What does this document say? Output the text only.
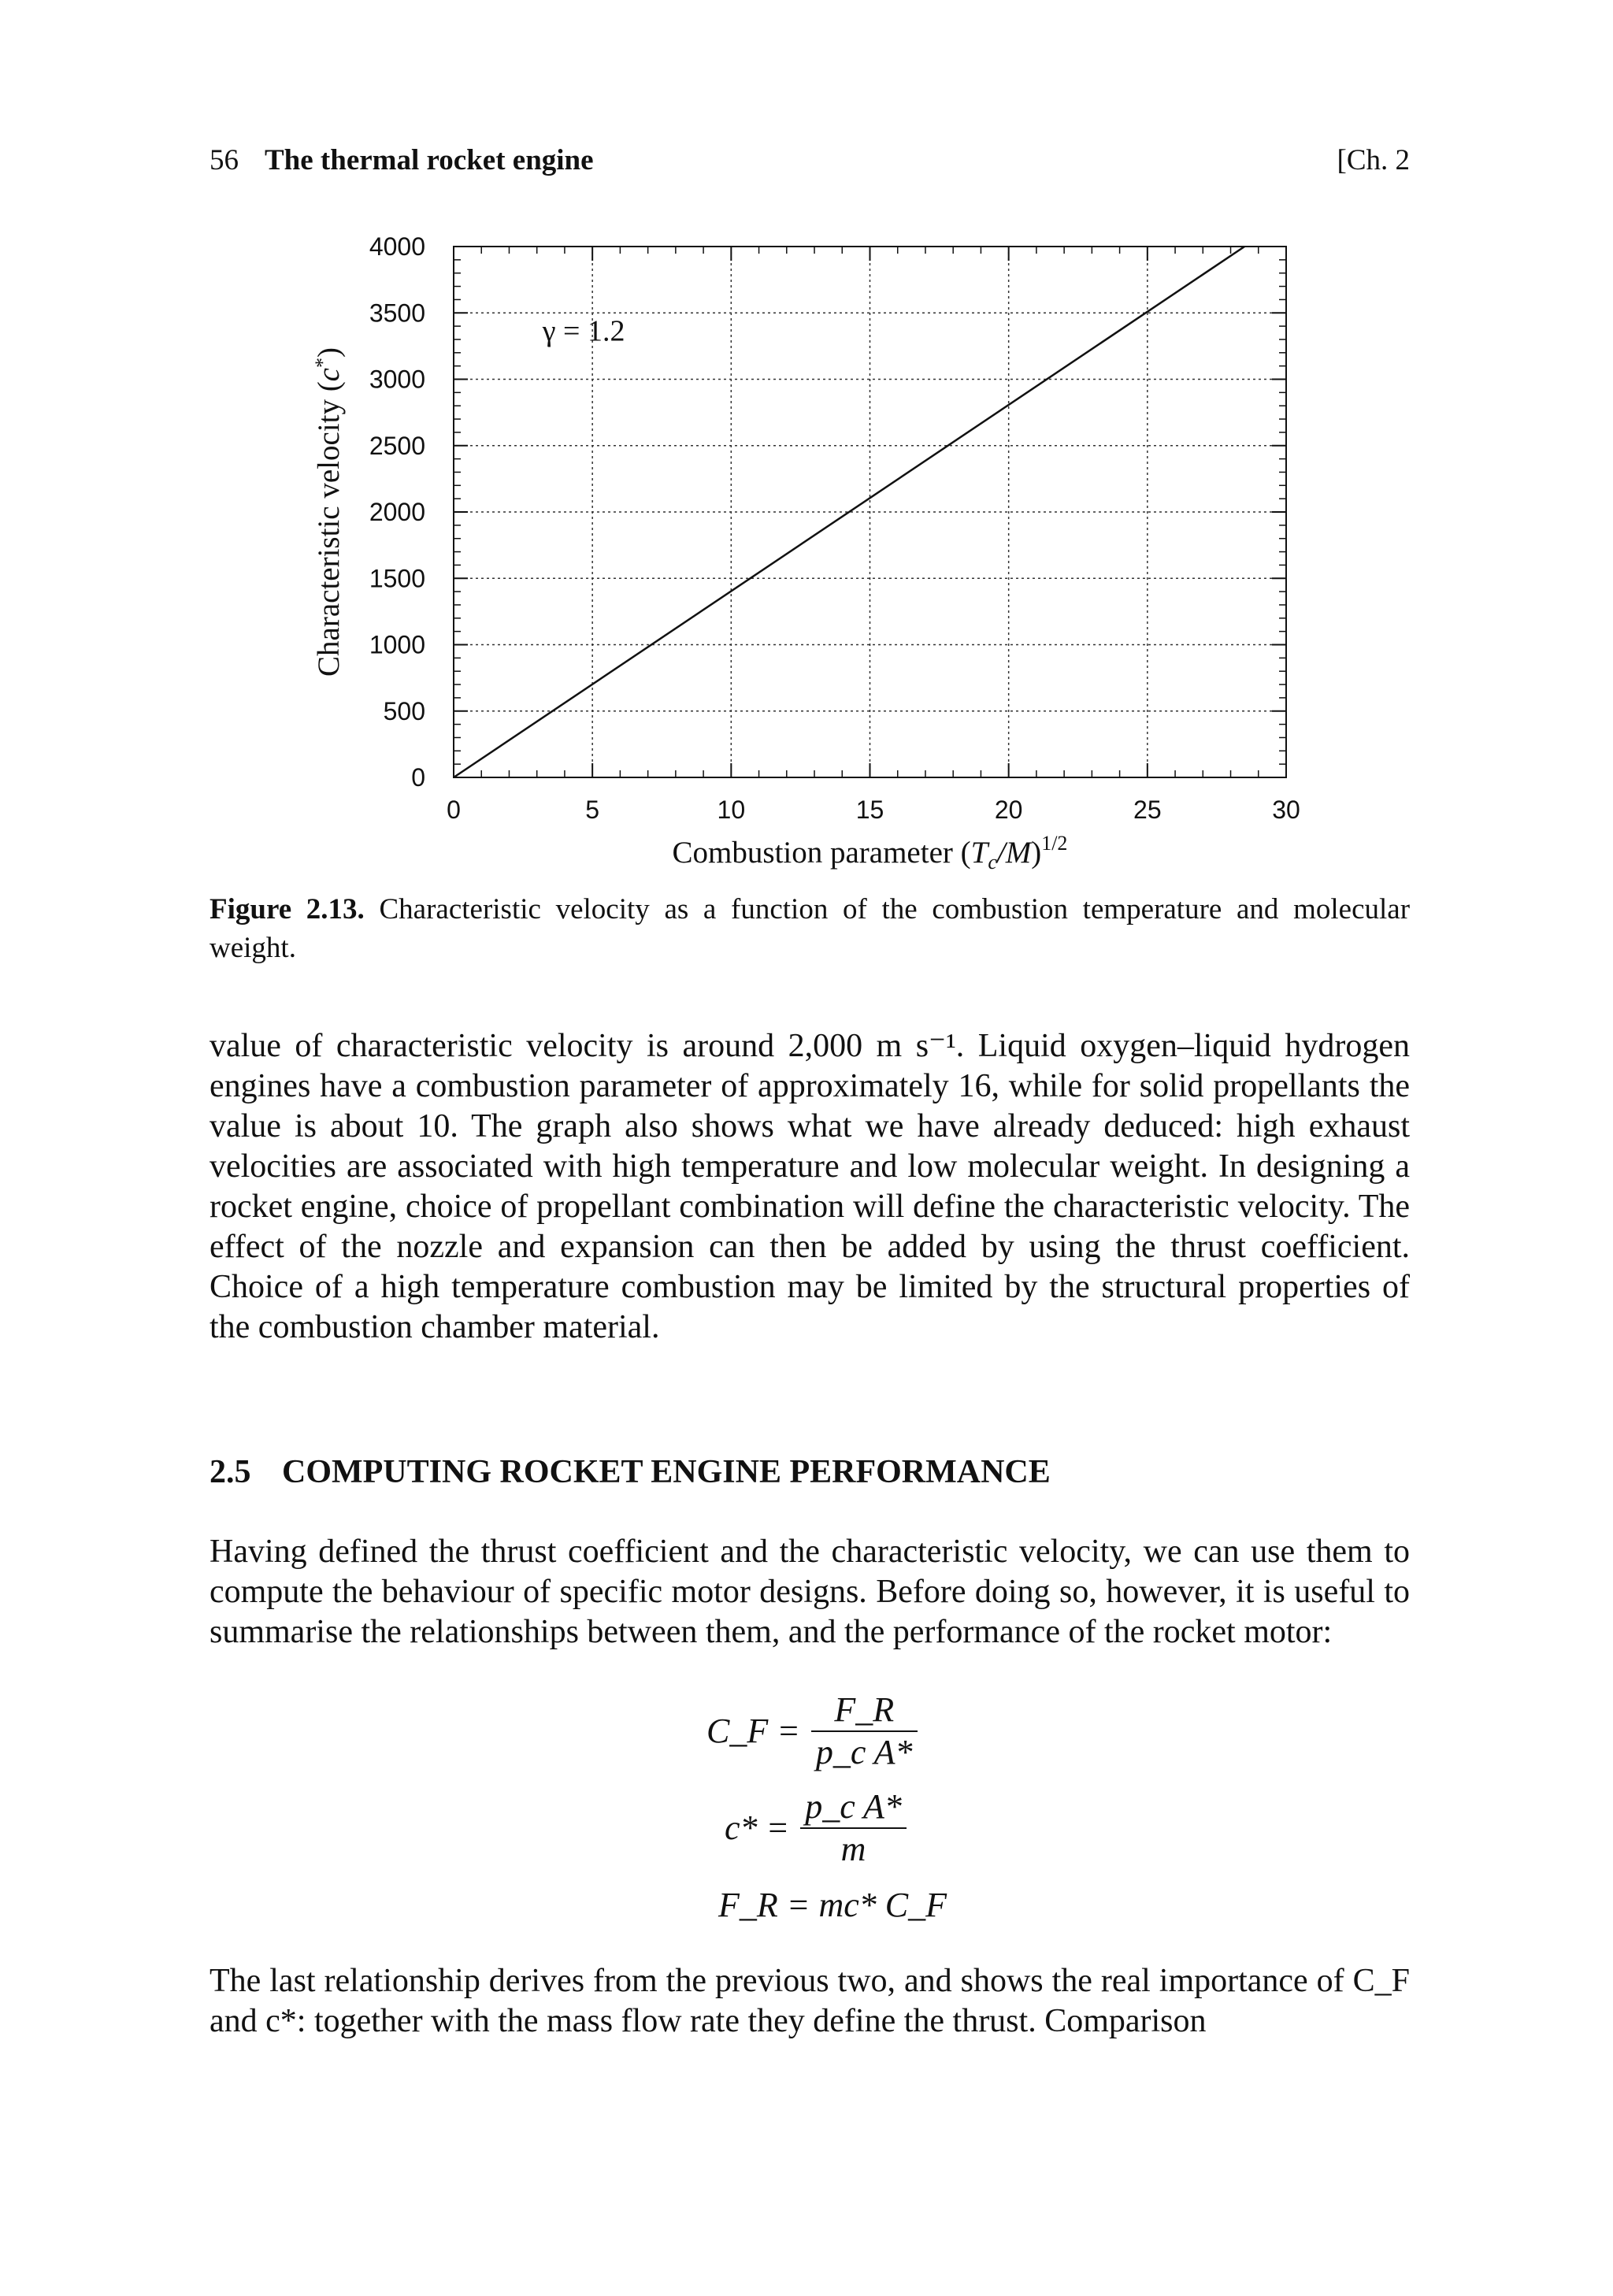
56 The thermal rocket engine	[Ch. 2
0	5	10	15	20	25	30
0
500
1000
1500
2000
2500
3000
3500
4000
γ = 1.2
Characteristic velocity (c*)
Combustion parameter $(T_c/M)^{1/2}$
Figure 2.13. Characteristic velocity as a function of the combustion temperature and molecular weight.

value of characteristic velocity is around 2,000 m s⁻¹. Liquid oxygen–liquid hydrogen engines have a combustion parameter of approximately 16, while for solid propellants the value is about 10. The graph also shows what we have already deduced: high exhaust velocities are associated with high temperature and low molecular weight. In designing a rocket engine, choice of propellant combination will define the characteristic velocity. The effect of the nozzle and expansion can then be added by using the thrust coefficient. Choice of a high temperature combustion may be limited by the structural properties of the combustion chamber material.

2.5 COMPUTING ROCKET ENGINE PERFORMANCE

Having defined the thrust coefficient and the characteristic velocity, we can use them to compute the behaviour of specific motor designs. Before doing so, however, it is useful to summarise the relationships between them, and the performance of the rocket motor:

C_F = $\frac{F\_R}{\text{p\_c A*}}$
$c* = \frac{\text{p\_c A*}}{m}$
F_R = mc* C_F

The last relationship derives from the previous two, and shows the real importance of C_F and c*: together with the mass flow rate they define the thrust. Comparison
